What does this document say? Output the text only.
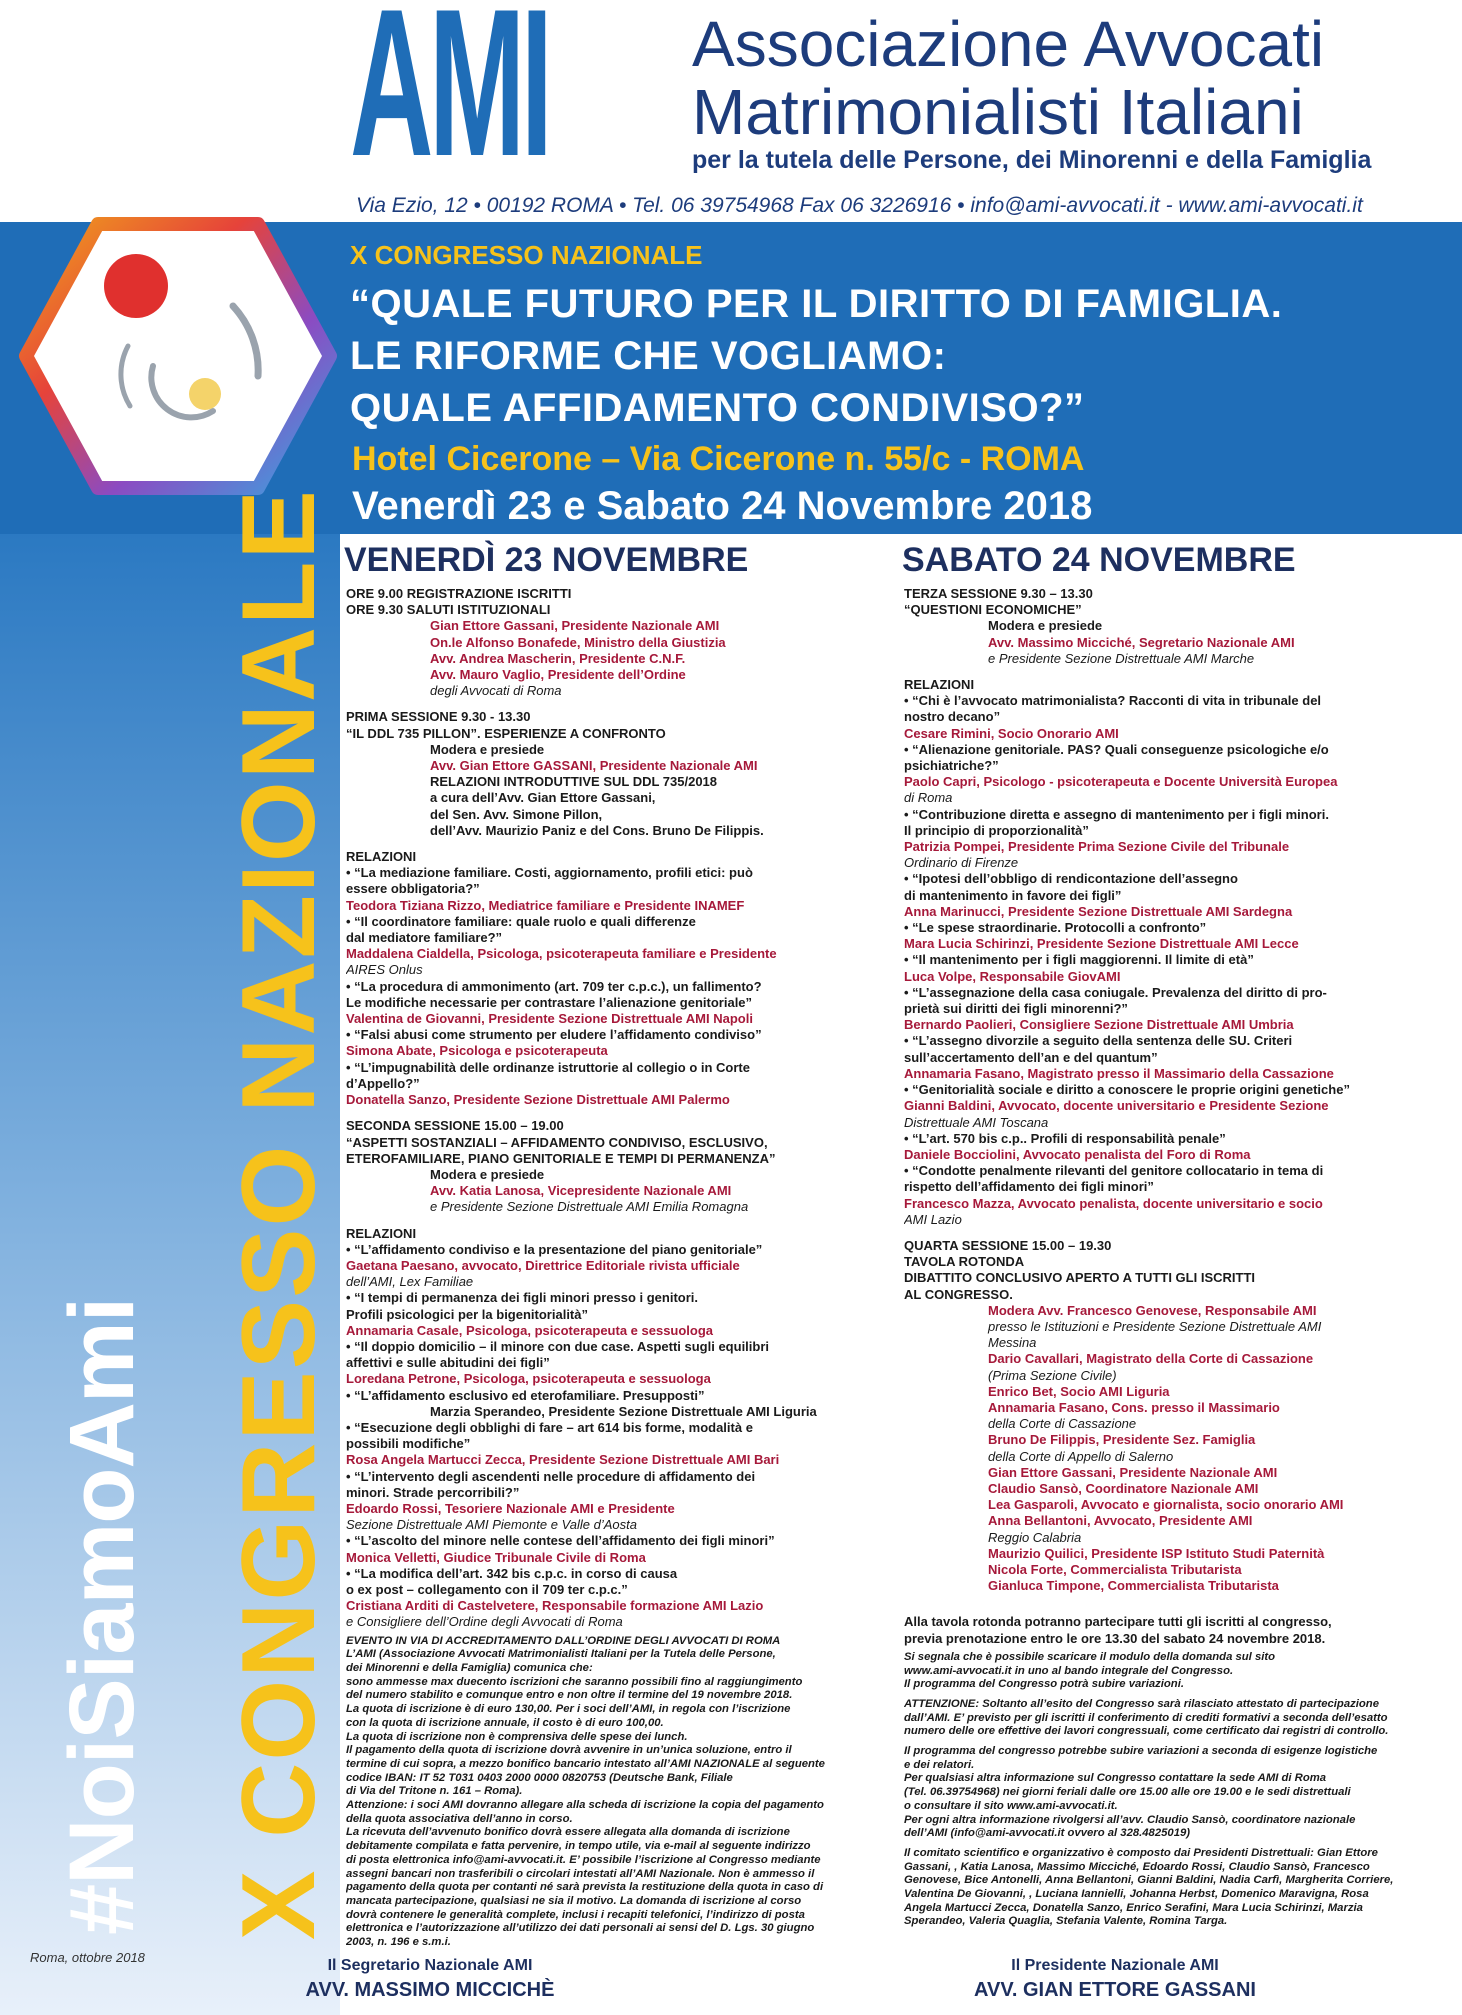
AMI Associazione Avvocati
Matrimonialisti Italiani
per la tutela delle Persone, dei Minorenni e della Famiglia
Via Ezio, 12 • 00192 ROMA • Tel. 06 39754968 Fax 06 3226916 • info@ami-avvocati.it - www.ami-avvocati.it
X CONGRESSO NAZIONALE
“QUALE FUTURO PER IL DIRITTO DI FAMIGLIA.
LE RIFORME CHE VOGLIAMO:
QUALE AFFIDAMENTO CONDIVISO?”
Hotel Cicerone – Via Cicerone n. 55/c - ROMA
Venerdì 23 e Sabato 24 Novembre 2018
#NoiSiamoAmi X CONGRESSO NAZIONALE
Roma, ottobre 2018
VENERDÌ 23 NOVEMBRE
ORE 9.00 REGISTRAZIONE ISCRITTI
ORE 9.30 SALUTI ISTITUZIONALI
Gian Ettore Gassani, Presidente Nazionale AMI
On.le Alfonso Bonafede, Ministro della Giustizia
Avv. Andrea Mascherin, Presidente C.N.F.
Avv. Mauro Vaglio, Presidente dell’Ordine
degli Avvocati di Roma
PRIMA SESSIONE 9.30 - 13.30
“IL DDL 735 PILLON”. ESPERIENZE A CONFRONTO
Modera e presiede
Avv. Gian Ettore GASSANI, Presidente Nazionale AMI
RELAZIONI INTRODUTTIVE SUL DDL 735/2018
a cura dell’Avv. Gian Ettore Gassani,
del Sen. Avv. Simone Pillon,
dell’Avv. Maurizio Paniz e del Cons. Bruno De Filippis.
RELAZIONI
• “La mediazione familiare. Costi, aggiornamento, profili etici: può
essere obbligatoria?”
Teodora Tiziana Rizzo, Mediatrice familiare e Presidente INAMEF
• “Il coordinatore familiare: quale ruolo e quali differenze
dal mediatore familiare?”
Maddalena Cialdella, Psicologa, psicoterapeuta familiare e Presidente
AIRES Onlus
• “La procedura di ammonimento (art. 709 ter c.p.c.), un fallimento?
Le modifiche necessarie per contrastare l’alienazione genitoriale”
Valentina de Giovanni, Presidente Sezione Distrettuale AMI Napoli
• “Falsi abusi come strumento per eludere l’affidamento condiviso”
Simona Abate, Psicologa e psicoterapeuta
• “L’impugnabilità delle ordinanze istruttorie al collegio o in Corte
d’Appello?”
Donatella Sanzo, Presidente Sezione Distrettuale AMI Palermo
SECONDA SESSIONE 15.00 – 19.00
“ASPETTI SOSTANZIALI – AFFIDAMENTO CONDIVISO, ESCLUSIVO,
ETEROFAMILIARE, PIANO GENITORIALE E TEMPI DI PERMANENZA”
Modera e presiede
Avv. Katia Lanosa, Vicepresidente Nazionale AMI
e Presidente Sezione Distrettuale AMI Emilia Romagna
RELAZIONI
• “L’affidamento condiviso e la presentazione del piano genitoriale”
Gaetana Paesano, avvocato, Direttrice Editoriale rivista ufficiale
dell’AMI, Lex Familiae
• “I tempi di permanenza dei figli minori presso i genitori.
Profili psicologici per la bigenitorialità”
Annamaria Casale, Psicologa, psicoterapeuta e sessuologa
• “Il doppio domicilio – il minore con due case. Aspetti sugli equilibri
affettivi e sulle abitudini dei figli”
Loredana Petrone, Psicologa, psicoterapeuta e sessuologa
• “L’affidamento esclusivo ed eterofamiliare. Presupposti”
Marzia Sperandeo, Presidente Sezione Distrettuale AMI Liguria
• “Esecuzione degli obblighi di fare – art 614 bis forme, modalità e
possibili modifiche”
Rosa Angela Martucci Zecca, Presidente Sezione Distrettuale AMI Bari
• “L’intervento degli ascendenti nelle procedure di affidamento dei
minori. Strade percorribili?”
Edoardo Rossi, Tesoriere Nazionale AMI e Presidente
Sezione Distrettuale AMI Piemonte e Valle d’Aosta
• “L’ascolto del minore nelle contese dell’affidamento dei figli minori”
Monica Velletti, Giudice Tribunale Civile di Roma
• “La modifica dell’art. 342 bis c.p.c. in corso di causa
o ex post – collegamento con il 709 ter c.p.c.”
Cristiana Arditi di Castelvetere, Responsabile formazione AMI Lazio
e Consigliere dell’Ordine degli Avvocati di Roma
EVENTO IN VIA DI ACCREDITAMENTO DALL’ORDINE DEGLI AVVOCATI DI ROMA
L’AMI (Associazione Avvocati Matrimonialisti Italiani per la Tutela delle Persone,
dei Minorenni e della Famiglia) comunica che:
sono ammesse max duecento iscrizioni che saranno possibili fino al raggiungimento
del numero stabilito e comunque entro e non oltre il termine del 19 novembre 2018.
La quota di iscrizione è di euro 130,00. Per i soci dell’AMI, in regola con l’iscrizione
con la quota di iscrizione annuale, il costo è di euro 100,00.
La quota di iscrizione non è comprensiva delle spese dei lunch.
Il pagamento della quota di iscrizione dovrà avvenire in un’unica soluzione, entro il
termine di cui sopra, a mezzo bonifico bancario intestato all’AMI NAZIONALE al seguente
codice IBAN: IT 52 T031 0403 2000 0000 0820753 (Deutsche Bank, Filiale
di Via del Tritone n. 161 – Roma).
Attenzione: i soci AMI dovranno allegare alla scheda di iscrizione la copia del pagamento
della quota associativa dell’anno in corso.
La ricevuta dell’avvenuto bonifico dovrà essere allegata alla domanda di iscrizione
debitamente compilata e fatta pervenire, in tempo utile, via e-mail al seguente indirizzo
di posta elettronica info@ami-avvocati.it. E’ possibile l’iscrizione al Congresso mediante
assegni bancari non trasferibili o circolari intestati all’AMI Nazionale. Non è ammesso il
pagamento della quota per contanti né sarà prevista la restituzione della quota in caso di
mancata partecipazione, qualsiasi ne sia il motivo. La domanda di iscrizione al corso
dovrà contenere le generalità complete, inclusi i recapiti telefonici, l’indirizzo di posta
elettronica e l’autorizzazione all’utilizzo dei dati personali ai sensi del D. Lgs. 30 giugno
2003, n. 196 e s.m.i.
SABATO 24 NOVEMBRE
TERZA SESSIONE 9.30 – 13.30
“QUESTIONI ECONOMICHE”
Modera e presiede
Avv. Massimo Micciché, Segretario Nazionale AMI
e Presidente Sezione Distrettuale AMI Marche
RELAZIONI
• “Chi è l’avvocato matrimonialista? Racconti di vita in tribunale del
nostro decano”
Cesare Rimini, Socio Onorario AMI
• “Alienazione genitoriale. PAS? Quali conseguenze psicologiche e/o
psichiatriche?”
Paolo Capri, Psicologo - psicoterapeuta e Docente Università Europea
di Roma
• “Contribuzione diretta e assegno di mantenimento per i figli minori.
Il principio di proporzionalità”
Patrizia Pompei, Presidente Prima Sezione Civile del Tribunale
Ordinario di Firenze
• “Ipotesi dell’obbligo di rendicontazione dell’assegno
di mantenimento in favore dei figli”
Anna Marinucci, Presidente Sezione Distrettuale AMI Sardegna
• “Le spese straordinarie. Protocolli a confronto”
Mara Lucia Schirinzi, Presidente Sezione Distrettuale AMI Lecce
• “Il mantenimento per i figli maggiorenni. Il limite di età”
Luca Volpe, Responsabile GiovAMI
• “L’assegnazione della casa coniugale. Prevalenza del diritto di pro-
prietà sui diritti dei figli minorenni?”
Bernardo Paolieri, Consigliere Sezione Distrettuale AMI Umbria
• “L’assegno divorzile a seguito della sentenza delle SU. Criteri
sull’accertamento dell’an e del quantum”
Annamaria Fasano, Magistrato presso il Massimario della Cassazione
• “Genitorialità sociale e diritto a conoscere le proprie origini genetiche”
Gianni Baldini, Avvocato, docente universitario e Presidente Sezione
Distrettuale AMI Toscana
• “L’art. 570 bis c.p.. Profili di responsabilità penale”
Daniele Bocciolini, Avvocato penalista del Foro di Roma
• “Condotte penalmente rilevanti del genitore collocatario in tema di
rispetto dell’affidamento dei figli minori”
Francesco Mazza, Avvocato penalista, docente universitario e socio
AMI Lazio
QUARTA SESSIONE 15.00 – 19.30
TAVOLA ROTONDA
DIBATTITO CONCLUSIVO APERTO A TUTTI GLI ISCRITTI
AL CONGRESSO.
Modera Avv. Francesco Genovese, Responsabile AMI
presso le Istituzioni e Presidente Sezione Distrettuale AMI
Messina
Dario Cavallari, Magistrato della Corte di Cassazione
(Prima Sezione Civile)
Enrico Bet, Socio AMI Liguria
Annamaria Fasano, Cons. presso il Massimario
della Corte di Cassazione
Bruno De Filippis, Presidente Sez. Famiglia
della Corte di Appello di Salerno
Gian Ettore Gassani, Presidente Nazionale AMI
Claudio Sansò, Coordinatore Nazionale AMI
Lea Gasparoli, Avvocato e giornalista, socio onorario AMI
Anna Bellantoni, Avvocato, Presidente AMI
Reggio Calabria
Maurizio Quilici, Presidente ISP Istituto Studi Paternità
Nicola Forte, Commercialista Tributarista
Gianluca Timpone, Commercialista Tributarista
Alla tavola rotonda potranno partecipare tutti gli iscritti al congresso,
previa prenotazione entro le ore 13.30 del sabato 24 novembre 2018.
Si segnala che è possibile scaricare il modulo della domanda sul sito
www.ami-avvocati.it in uno al bando integrale del Congresso.
Il programma del Congresso potrà subire variazioni.
ATTENZIONE: Soltanto all’esito del Congresso sarà rilasciato attestato di partecipazione
dall’AMI. E’ previsto per gli iscritti il conferimento di crediti formativi a seconda dell’esatto
numero delle ore effettive dei lavori congressuali, come certificato dai registri di controllo.
Il programma del congresso potrebbe subire variazioni a seconda di esigenze logistiche
e dei relatori.
Per qualsiasi altra informazione sul Congresso contattare la sede AMI di Roma
(Tel. 06.39754968) nei giorni feriali dalle ore 15.00 alle ore 19.00 e le sedi distrettuali
o consultare il sito www.ami-avvocati.it.
Per ogni altra informazione rivolgersi all’avv. Claudio Sansò, coordinatore nazionale
dell’AMI (info@ami-avvocati.it ovvero al 328.4825019)
Il comitato scientifico e organizzativo è composto dai Presidenti Distrettuali: Gian Ettore
Gassani, , Katia Lanosa, Massimo Micciché, Edoardo Rossi, Claudio Sansò, Francesco
Genovese, Bice Antonelli, Anna Bellantoni, Gianni Baldini, Nadia Carfì, Margherita Corriere,
Valentina De Giovanni, , Luciana Iannielli, Johanna Herbst, Domenico Maravigna, Rosa
Angela Martucci Zecca, Donatella Sanzo, Enrico Serafini, Mara Lucia Schirinzi, Marzia
Sperandeo, Valeria Quaglia, Stefania Valente, Romina Targa.
Il Segretario Nazionale AMI
AVV. MASSIMO MICCICHÈ
Il Presidente Nazionale AMI
AVV. GIAN ETTORE GASSANI
